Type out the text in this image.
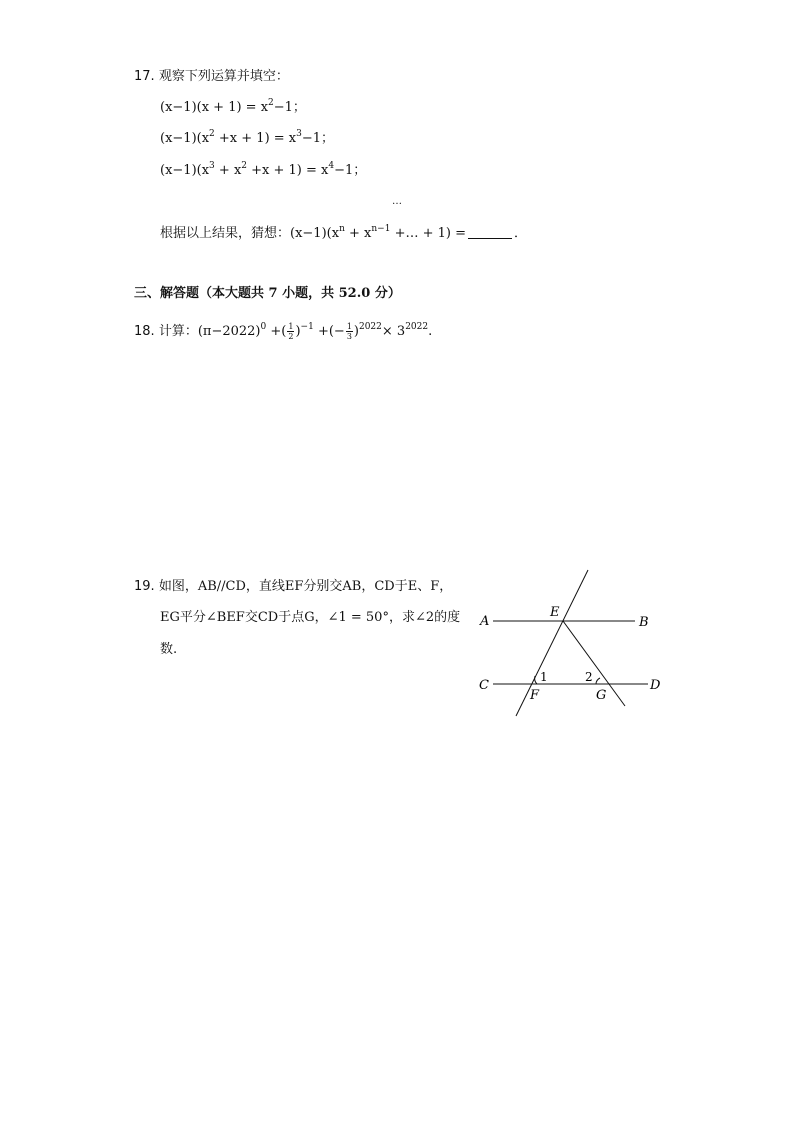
17. 观察下列运算并填空：
$(x-1)(x + 1) = x^2-1$；
$(x-1)(x^2 +x + 1) = x^3-1$；
$(x-1)(x^3 + x^2 +x + 1) = x^4-1$；
…
根据以上结果，猜想：$(x-1)(x^n + x^{n-1}$ +… + 1) =	．
三、解答题（本大题共 7 小题，共 52.0 分）
18. 计算：$(\pi-2022)^0$ +( $\frac{1}{2} )^{-1}$ +(− $\frac{1}{3} )^{2022}\times 3^{2022}$.
19. 如图，AB//CD，直线EF分别交AB，CD于E、F，
EG平分∠BEF交CD于点G，∠1 = 50°，求∠2的度
数.
A	B
C	D
E
F	G
1	2
